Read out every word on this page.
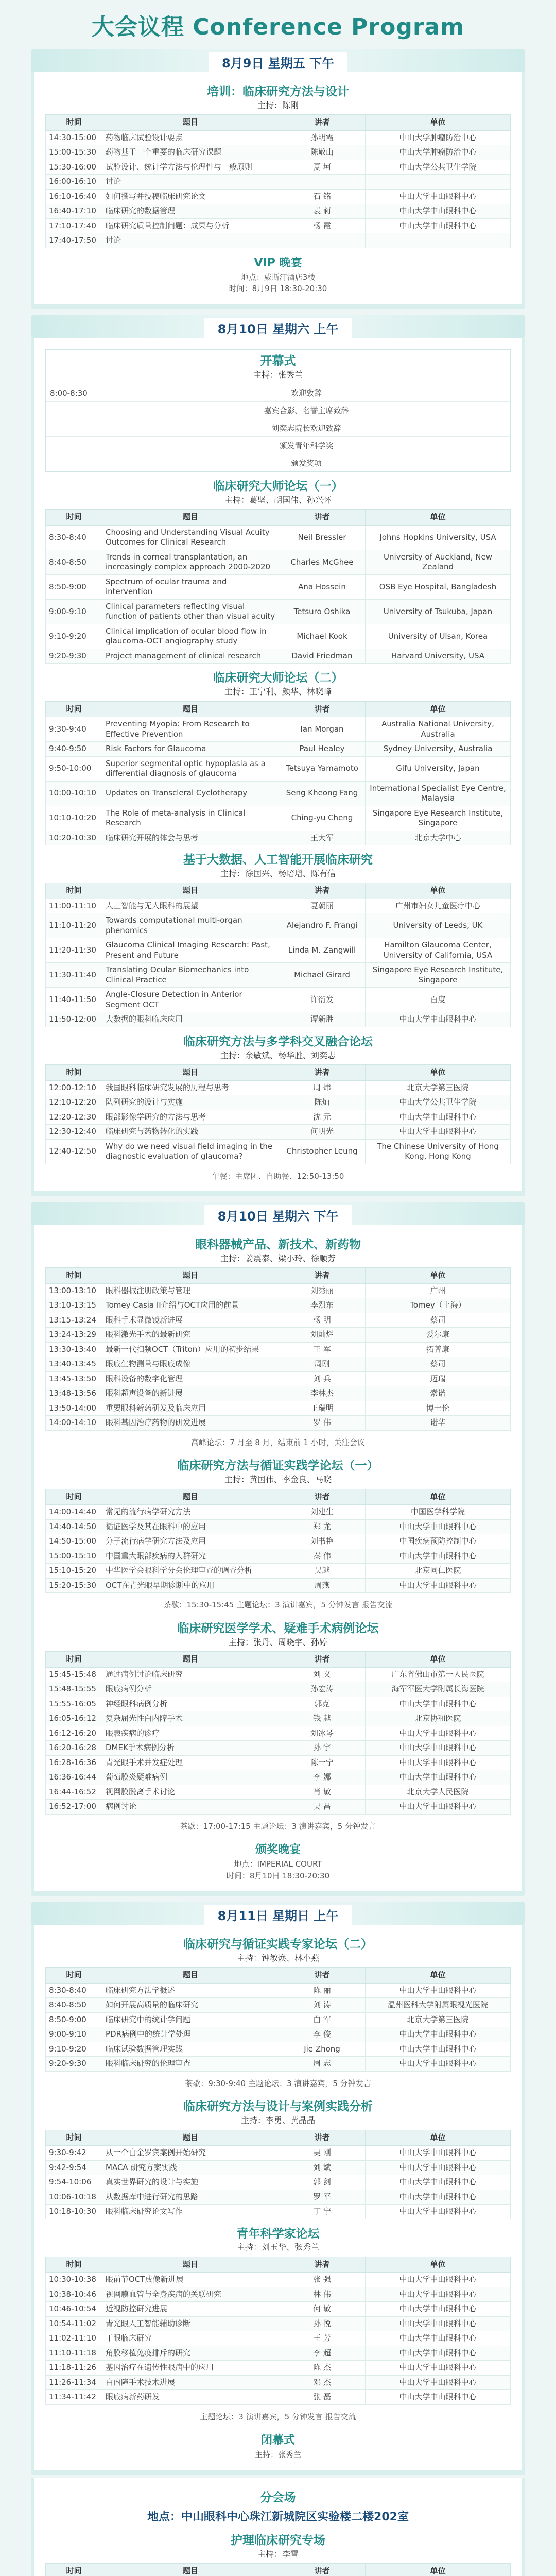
大会议程 Conference Program
8月9日 星期五 下午
培训：临床研究方法与设计
主持：陈刚
时间	题目	讲者	单位
14:30-15:00	药物临床试验设计要点	孙明霞	中山大学肿瘤防治中心
15:00-15:30	药物基于一个重要的临床研究课题	陈敬山	中山大学肿瘤防治中心
15:30-16:00	试验设计、统计学方法与伦理性与一般原则	夏 坷	中山大学公共卫生学院
16:00-16:10	讨论		
16:10-16:40	如何撰写并投稿临床研究论文	石 铭	中山大学中山眼科中心
16:40-17:10	临床研究的数据管理	袁 莉	中山大学中山眼科中心
17:10-17:40	临床研究质量控制问题：成果与分析	杨 霞	中山大学中山眼科中心
17:40-17:50	讨论		
VIP 晚宴
地点：威斯汀酒店3楼
时间：8月9日 18:30-20:30
8月10日 星期六 上午
开幕式
主持：张秀兰
8:00-8:30	欢迎致辞
	嘉宾合影、名誉主席致辞
	刘奕志院长欢迎致辞
	颁发青年科学奖
	颁发奖项
临床研究大师论坛（一）
主持：葛坚、胡国伟、孙兴怀
时间	题目	讲者	单位
8:30-8:40	Choosing and Understanding Visual Acuity Outcomes for Clinical Research	Neil Bressler	Johns Hopkins University, USA
8:40-8:50	Trends in corneal transplantation, an increasingly complex approach 2000-2020	Charles McGhee	University of Auckland, New Zealand
8:50-9:00	Spectrum of ocular trauma and intervention	Ana Hossein	OSB Eye Hospital, Bangladesh
9:00-9:10	Clinical parameters reflecting visual function of patients other than visual acuity	Tetsuro Oshika	University of Tsukuba, Japan
9:10-9:20	Clinical implication of ocular blood flow in glaucoma-OCT angiography study	Michael Kook	University of Ulsan, Korea
9:20-9:30	Project management of clinical research	David Friedman	Harvard University, USA
临床研究大师论坛（二）
主持：王宁利、颜华、林晓峰
时间	题目	讲者	单位
9:30-9:40	Preventing Myopia: From Research to Effective Prevention	Ian Morgan	Australia National University, Australia
9:40-9:50	Risk Factors for Glaucoma	Paul Healey	Sydney University, Australia
9:50-10:00	Superior segmental optic hypoplasia as a differential diagnosis of glaucoma	Tetsuya Yamamoto	Gifu University, Japan
10:00-10:10	Updates on Transcleral Cyclotherapy	Seng Kheong Fang	International Specialist Eye Centre, Malaysia
10:10-10:20	The Role of meta-analysis in Clinical Research	Ching-yu Cheng	Singapore Eye Research Institute, Singapore
10:20-10:30	临床研究开展的体会与思考	王大军	北京大学中心
基于大数据、人工智能开展临床研究
主持：徐国兴、杨培增、陈有信
时间	题目	讲者	单位
11:00-11:10	人工智能与无人眼科的展望	夏朝丽	广州市妇女儿童医疗中心
11:10-11:20	Towards computational multi-organ phenomics	Alejandro F. Frangi	University of Leeds, UK
11:20-11:30	Glaucoma Clinical Imaging Research: Past, Present and Future	Linda M. Zangwill	Hamilton Glaucoma Center, University of California, USA
11:30-11:40	Translating Ocular Biomechanics into Clinical Practice	Michael Girard	Singapore Eye Research Institute, Singapore
11:40-11:50	Angle-Closure Detection in Anterior Segment OCT	许衍发	百度
11:50-12:00	大数据的眼科临床应用	谭新胜	中山大学中山眼科中心
临床研究方法与多学科交叉融合论坛
主持：余敏斌、杨华胜、刘奕志
时间	题目	讲者	单位
12:00-12:10	我国眼科临床研究发展的历程与思考	周 炜	北京大学第三医院
12:10-12:20	队列研究的设计与实施	陈灿	中山大学公共卫生学院
12:20-12:30	眼部影像学研究的方法与思考	沈 元	中山大学中山眼科中心
12:30-12:40	临床研究与药物转化的实践	何明光	中山大学中山眼科中心
12:40-12:50	Why do we need visual field imaging in the diagnostic evaluation of glaucoma?	Christopher Leung	The Chinese University of Hong Kong, Hong Kong
午餐：主席团、自助餐、12:50-13:50
8月10日 星期六 下午
眼科器械产品、新技术、新药物
主持：姜震泰、梁小玲、徐顺芳
时间	题目	讲者	单位
13:00-13:10	眼科器械注册政策与管理	刘秀丽	广州
13:10-13:15	Tomey Casia II介绍与OCT应用的前景	李烈东	Tomey（上海）
13:15-13:24	眼科手术显微镜新进展	杨 明	蔡司
13:24-13:29	眼科激光手术的最新研究	刘灿烂	爱尔康
13:30-13:40	最新一代扫频OCT（Triton）应用的初步结果	王 军	拓普康
13:40-13:45	眼底生物测量与眼底成像	周刚	蔡司
13:45-13:50	眼科设备的数字化管理	刘 兵	迈瑞
13:48-13:56	眼科超声设备的新进展	李林杰	索诺
13:50-14:00	重要眼科新药研发及临床应用	王瑞明	博士伦
14:00-14:10	眼科基因治疗药物的研发进展	罗 伟	诺华
高峰论坛：7 月至 8 月，结束前 1 小时，关注会议
临床研究方法与循证实践学论坛（一）
主持：黄国伟、李金良、马晓
时间	题目	讲者	单位
14:00-14:40	常见的流行病学研究方法	刘建生	中国医学科学院
14:40-14:50	循证医学及其在眼科中的应用	郑 龙	中山大学中山眼科中心
14:50-15:00	分子流行病学研究方法及应用	刘书艳	中国疾病预防控制中心
15:00-15:10	中国重大眼部疾病的人群研究	秦 伟	中山大学中山眼科中心
15:10-15:20	中华医学会眼科学分会伦理审查的调查分析	吴越	北京同仁医院
15:20-15:30	OCT在青光眼早期诊断中的应用	周燕	中山大学中山眼科中心
茶歇：15:30-15:45 主题论坛：3 演讲嘉宾，5 分钟发言 报告交流
临床研究医学学术、疑难手术病例论坛
主持：张丹、周晓宇、孙婷
时间	题目	讲者	单位
15:45-15:48	通过病例讨论临床研究	刘 义	广东省佛山市第一人民医院
15:48-15:55	眼底病例分析	孙宏涛	海军军医大学附属长海医院
15:55-16:05	神经眼科病例分析	郭克	中山大学中山眼科中心
16:05-16:12	复杂屈光性白内障手术	钱 越	北京协和医院
16:12-16:20	眼表疾病的诊疗	刘冰琴	中山大学中山眼科中心
16:20-16:28	DMEK手术病例分析	孙 宇	中山大学中山眼科中心
16:28-16:36	青光眼手术并发症处理	陈一宁	中山大学中山眼科中心
16:36-16:44	葡萄膜炎疑难病例	李 娜	中山大学中山眼科中心
16:44-16:52	视网膜脱离手术讨论	肖 敏	北京大学人民医院
16:52-17:00	病例讨论	吴 昌	中山大学中山眼科中心
茶歇：17:00-17:15 主题论坛：3 演讲嘉宾，5 分钟发言
颁奖晚宴
地点：IMPERIAL COURT
时间：8月10日 18:30-20:30
8月11日 星期日 上午
临床研究与循证实践专家论坛（二）
主持：钟敏焕、林小燕
时间	题目	讲者	单位
8:30-8:40	临床研究方法学概述	陈 丽	中山大学中山眼科中心
8:40-8:50	如何开展高质量的临床研究	刘 涛	温州医科大学附属眼视光医院
8:50-9:00	临床研究中的统计学问题	白 军	北京大学第三医院
9:00-9:10	PDR病例中的统计学处理	李 俊	中山大学中山眼科中心
9:10-9:20	临床试验数据管理实践	Jie Zhong	中山大学中山眼科中心
9:20-9:30	眼科临床研究的伦理审查	周 志	中山大学中山眼科中心
茶歇：9:30-9:40 主题论坛：3 演讲嘉宾，5 分钟发言
临床研究方法与设计与案例实践分析
主持：李勇、黄晶晶
时间	题目	讲者	单位
9:30-9:42	从一个白金罗宾案例开始研究	吴 刚	中山大学中山眼科中心
9:42-9:54	MACA 研究方案实践	刘 斌	中山大学中山眼科中心
9:54-10:06	真实世界研究的设计与实施	郭 剑	中山大学中山眼科中心
10:06-10:18	从数据库中进行研究的思路	罗 平	中山大学中山眼科中心
10:18-10:30	眼科临床研究论文写作	丁 宁	中山大学中山眼科中心
青年科学家论坛
主持：刘玉华、张秀兰
时间	题目	讲者	单位
10:30-10:38	眼前节OCT成像新进展	张 强	中山大学中山眼科中心
10:38-10:46	视网膜血管与全身疾病的关联研究	林 伟	中山大学中山眼科中心
10:46-10:54	近视防控研究进展	何 敏	中山大学中山眼科中心
10:54-11:02	青光眼人工智能辅助诊断	孙 悦	中山大学中山眼科中心
11:02-11:10	干眼临床研究	王 芳	中山大学中山眼科中心
11:10-11:18	角膜移植免疫排斥的研究	李 超	中山大学中山眼科中心
11:18-11:26	基因治疗在遗传性眼病中的应用	陈 杰	中山大学中山眼科中心
11:26-11:34	白内障手术技术进展	邓 杰	中山大学中山眼科中心
11:34-11:42	眼底病新药研发	张 磊	中山大学中山眼科中心
主题论坛：3 演讲嘉宾，5 分钟发言 报告交流
闭幕式
主持：张秀兰
分会场
地点：中山眼科中心珠江新城院区实验楼二楼202室
护理临床研究专场
主持：李雪
时间	题目	讲者	单位
